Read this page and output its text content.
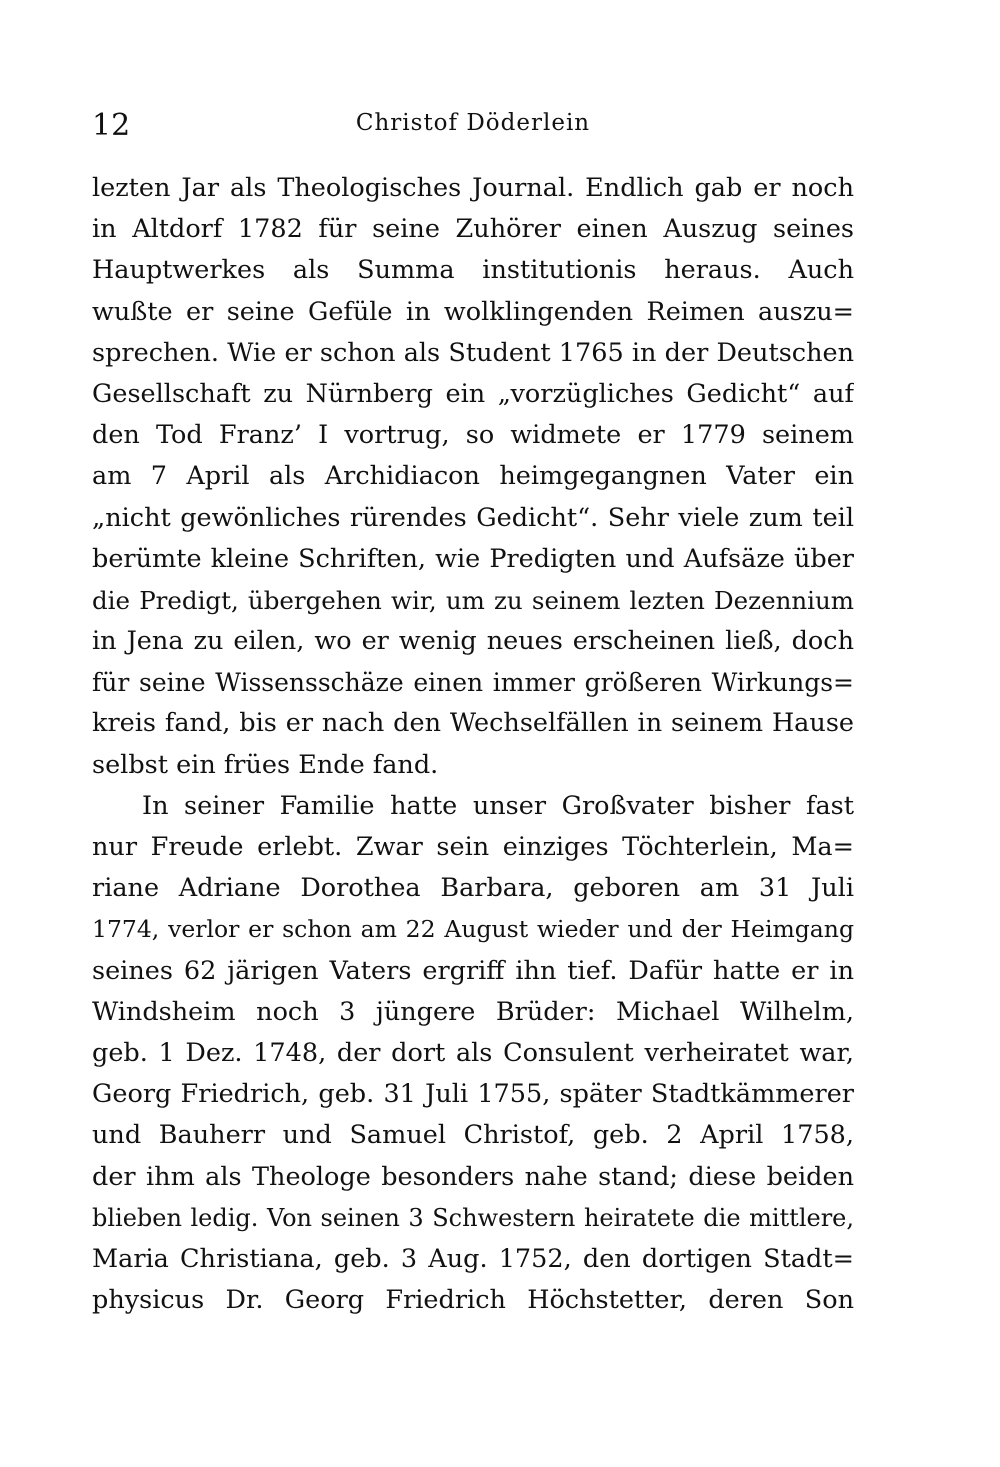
12	Christof Döderlein
lezten Jar als Theologisches Journal. Endlich gab er noch
in Altdorf 1782 für seine Zuhörer einen Auszug seines
Hauptwerkes als Summa institutionis heraus. Auch
wußte er seine Gefüle in wolklingenden Reimen auszu=
sprechen. Wie er schon als Student 1765 in der Deutschen
Gesellschaft zu Nürnberg ein „vorzügliches Gedicht“ auf
den Tod Franz’ I vortrug, so widmete er 1779 seinem
am 7 April als Archidiacon heimgegangnen Vater ein
„nicht gewönliches rürendes Gedicht“. Sehr viele zum teil
berümte kleine Schriften, wie Predigten und Aufsäze über
die Predigt, übergehen wir, um zu seinem lezten Dezennium
in Jena zu eilen, wo er wenig neues erscheinen ließ, doch
für seine Wissensschäze einen immer größeren Wirkungs=
kreis fand, bis er nach den Wechselfällen in seinem Hause
selbst ein frües Ende fand.
In seiner Familie hatte unser Großvater bisher fast
nur Freude erlebt. Zwar sein einziges Töchterlein, Ma=
riane Adriane Dorothea Barbara, geboren am 31 Juli
1774, verlor er schon am 22 August wieder und der Heimgang
seines 62 järigen Vaters ergriff ihn tief. Dafür hatte er in
Windsheim noch 3 jüngere Brüder: Michael Wilhelm,
geb. 1 Dez. 1748, der dort als Consulent verheiratet war,
Georg Friedrich, geb. 31 Juli 1755, später Stadtkämmerer
und Bauherr und Samuel Christof, geb. 2 April 1758,
der ihm als Theologe besonders nahe stand; diese beiden
blieben ledig. Von seinen 3 Schwestern heiratete die mittlere,
Maria Christiana, geb. 3 Aug. 1752, den dortigen Stadt=
physicus Dr. Georg Friedrich Höchstetter, deren Son
